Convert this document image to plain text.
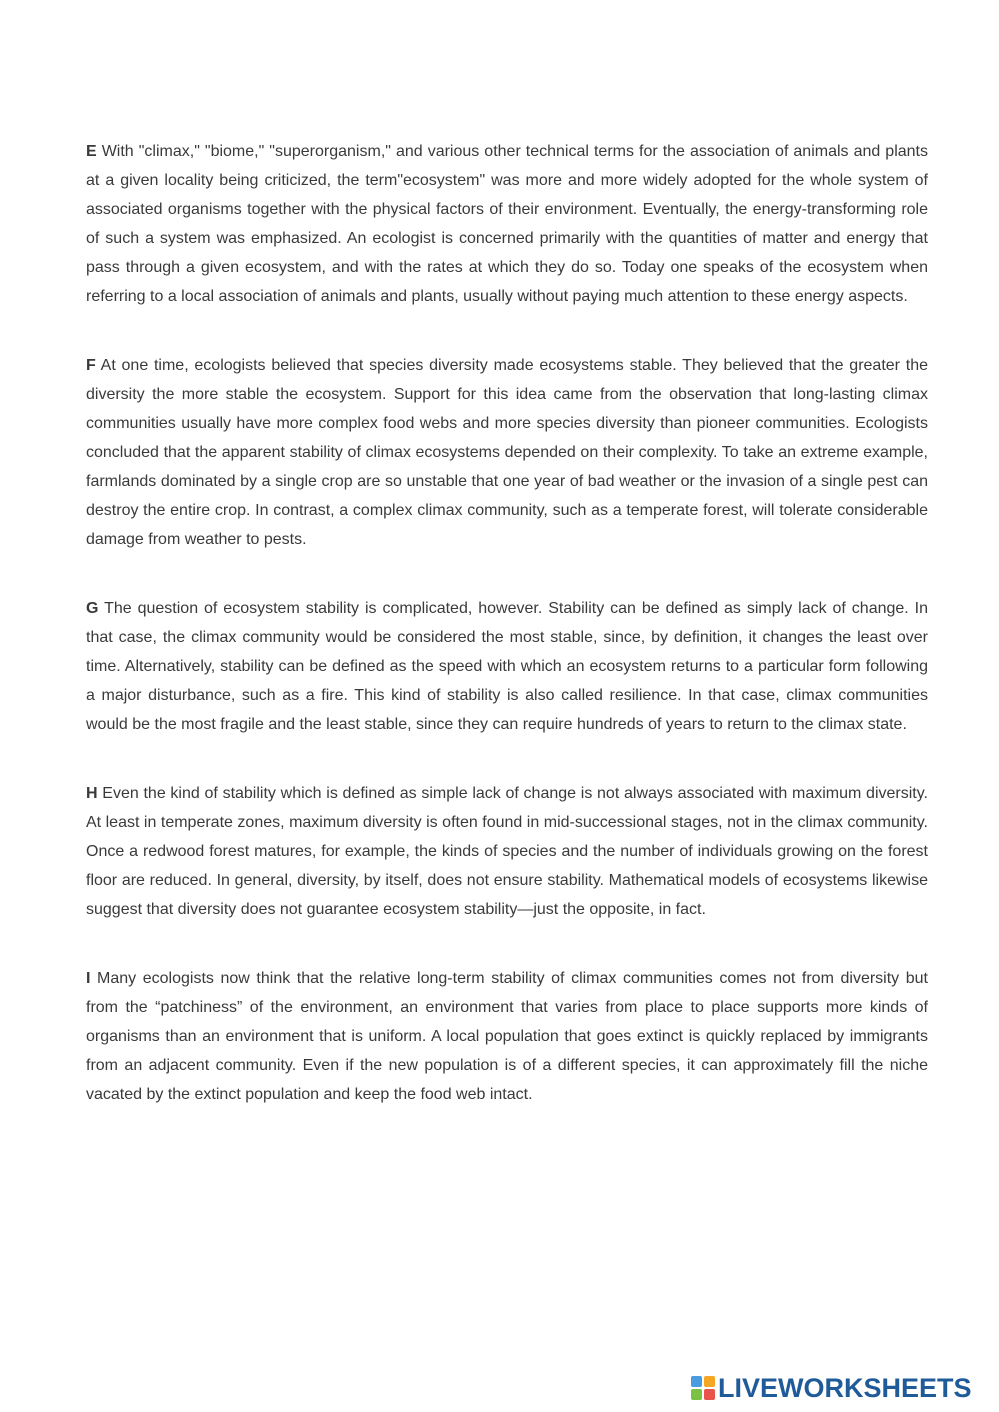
E With "climax," "biome," "superorganism," and various other technical terms for the association of animals and plants at a given locality being criticized, the term"ecosystem" was more and more widely adopted for the whole system of associated organisms together with the physical factors of their environment. Eventually, the energy-transforming role of such a system was emphasized. An ecologist is concerned primarily with the quantities of matter and energy that pass through a given ecosystem, and with the rates at which they do so. Today one speaks of the ecosystem when referring to a local association of animals and plants, usually without paying much attention to these energy aspects.

F At one time, ecologists believed that species diversity made ecosystems stable. They believed that the greater the diversity the more stable the ecosystem. Support for this idea came from the observation that long-lasting climax communities usually have more complex food webs and more species diversity than pioneer communities. Ecologists concluded that the apparent stability of climax ecosystems depended on their complexity. To take an extreme example, farmlands dominated by a single crop are so unstable that one year of bad weather or the invasion of a single pest can destroy the entire crop. In contrast, a complex climax community, such as a temperate forest, will tolerate considerable damage from weather to pests.

G The question of ecosystem stability is complicated, however. Stability can be defined as simply lack of change. In that case, the climax community would be considered the most stable, since, by definition, it changes the least over time. Alternatively, stability can be defined as the speed with which an ecosystem returns to a particular form following a major disturbance, such as a fire. This kind of stability is also called resilience. In that case, climax communities would be the most fragile and the least stable, since they can require hundreds of years to return to the climax state.

H Even the kind of stability which is defined as simple lack of change is not always associated with maximum diversity. At least in temperate zones, maximum diversity is often found in mid-successional stages, not in the climax community. Once a redwood forest matures, for example, the kinds of species and the number of individuals growing on the forest floor are reduced. In general, diversity, by itself, does not ensure stability. Mathematical models of ecosystems likewise suggest that diversity does not guarantee ecosystem stability—just the opposite, in fact.

I Many ecologists now think that the relative long-term stability of climax communities comes not from diversity but from the “patchiness” of the environment, an environment that varies from place to place supports more kinds of organisms than an environment that is uniform. A local population that goes extinct is quickly replaced by immigrants from an adjacent community. Even if the new population is of a different species, it can approximately fill the niche vacated by the extinct population and keep the food web intact.

LIVEWORKSHEETS
